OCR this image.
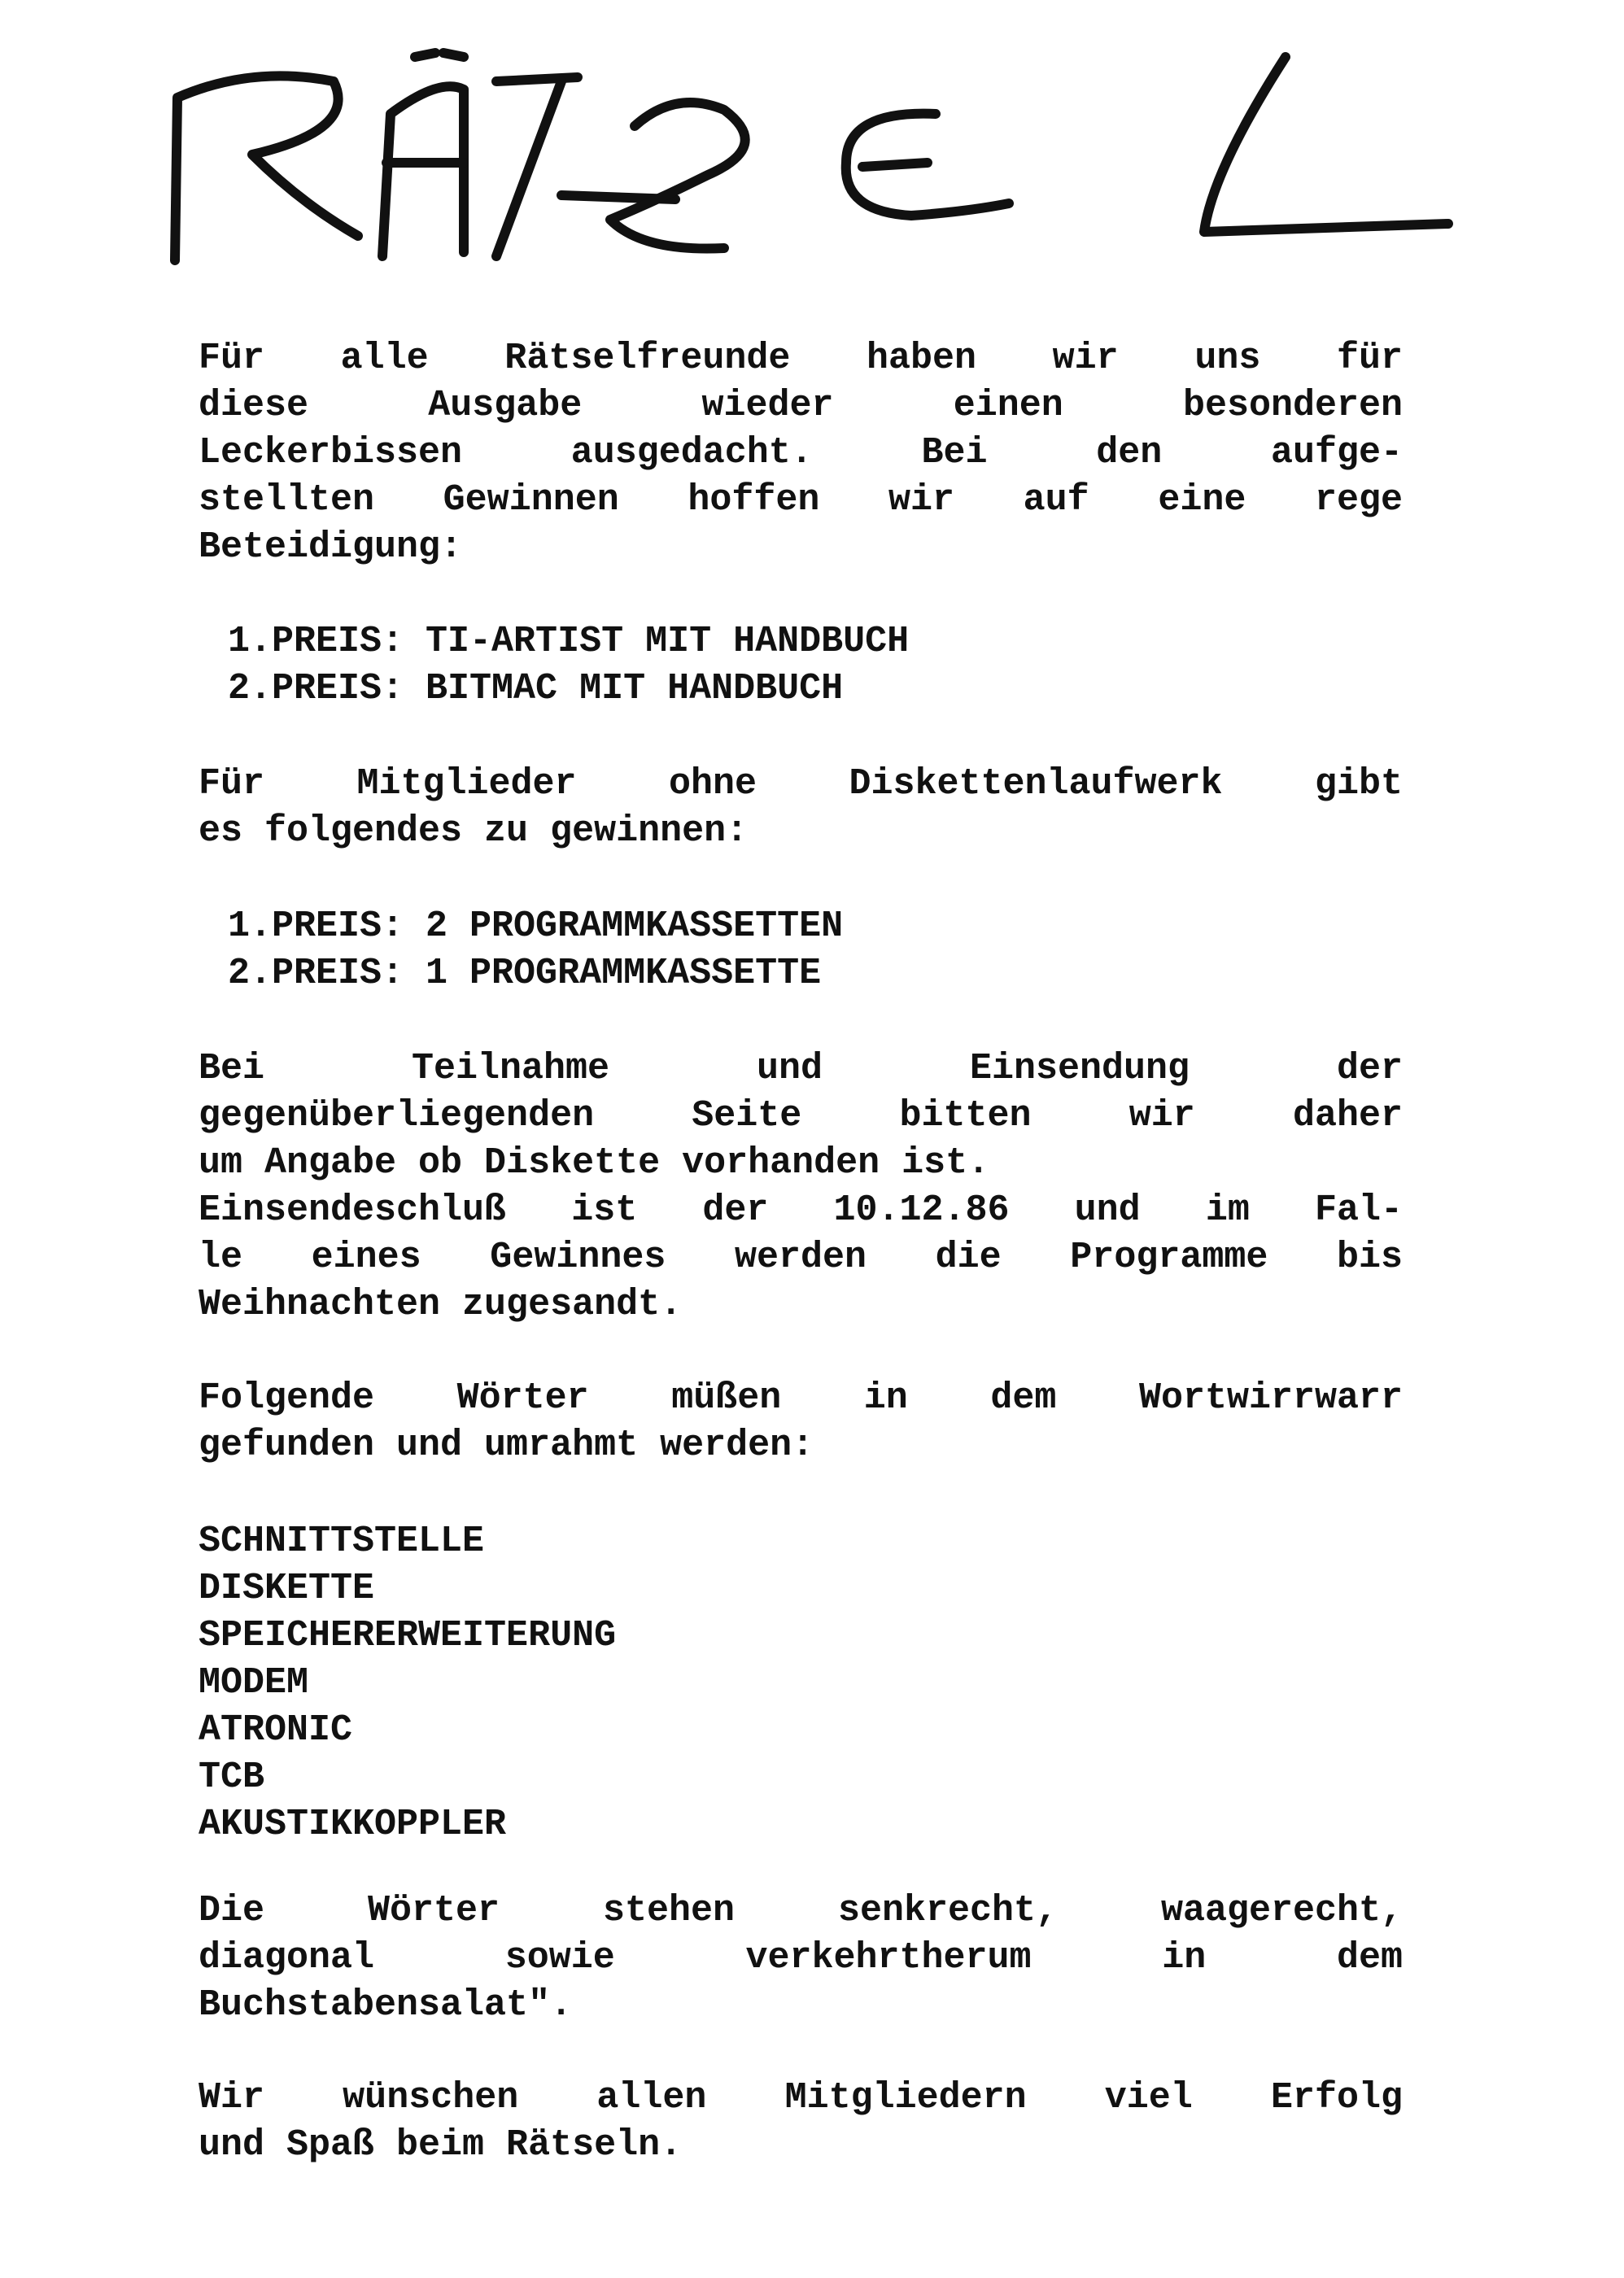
Für alle Rätselfreunde haben wir uns für
diese Ausgabe wieder einen besonderen
Leckerbissen ausgedacht. Bei den aufge-
stellten Gewinnen hoffen wir auf eine rege
Beteidigung:
1.PREIS: TI-ARTIST MIT HANDBUCH
2.PREIS: BITMAC MIT HANDBUCH
Für Mitglieder ohne Diskettenlaufwerk gibt
es folgendes zu gewinnen:
1.PREIS: 2 PROGRAMMKASSETTEN
2.PREIS: 1 PROGRAMMKASSETTE
Bei Teilnahme und Einsendung der
gegenüberliegenden Seite bitten wir daher
um Angabe ob Diskette vorhanden ist.
Einsendeschluß ist der 10.12.86 und im Fal-
le eines Gewinnes werden die Programme bis
Weihnachten zugesandt.
Folgende Wörter müßen in dem Wortwirrwarr
gefunden und umrahmt werden:
SCHNITTSTELLE
DISKETTE
SPEICHERERWEITERUNG
MODEM
ATRONIC
TCB
AKUSTIKKOPPLER
Die Wörter stehen senkrecht, waagerecht,
diagonal sowie verkehrtherum in dem
Buchstabensalat".
Wir wünschen allen Mitgliedern viel Erfolg
und Spaß beim Rätseln.
